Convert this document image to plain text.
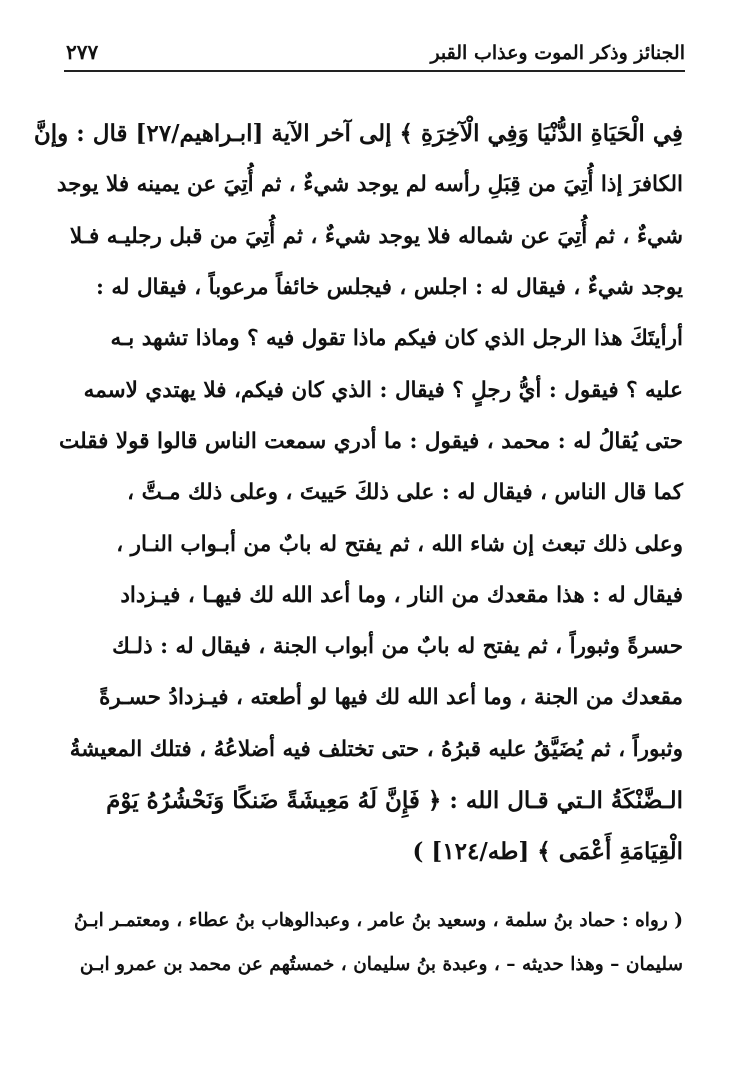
الجنائز وذكر الموت وعذاب القبر
٢٧٧
فِي الْحَيَاةِ الدُّنْيَا وَفِي الْآخِرَةِ ﴾ إلى آخر الآية [ابـراهيم/٢٧] قال : وإنَّ
الكافرَ إذا أُتِيَ من قِبَلِ رأسه لم يوجد شيءٌ ، ثم أُتِيَ عن يمينه فلا يوجد
شيءٌ ، ثم أُتِيَ عن شماله فلا يوجد شيءٌ ، ثم أُتِيَ من قبل رجليـه فـلا
يوجد شيءٌ ، فيقال له : اجلس ، فيجلس خائفاً مرعوباً ، فيقال له :
أرأيتَكَ هذا الرجل الذي كان فيكم ماذا تقول فيه ؟ وماذا تشهد بـه
عليه ؟ فيقول : أيُّ رجلٍ ؟ فيقال : الذي كان فيكم، فلا يهتدي لاسمه
حتى يُقالُ له : محمد ، فيقول : ما أدري سمعت الناس قالوا قولا فقلت
كما قال الناس ، فيقال له : على ذلكَ حَييتَ ، وعلى ذلك مـتَّ ،
وعلى ذلك تبعث إن شاء الله ، ثم يفتح له بابٌ من أبـواب النـار ،
فيقال له : هذا مقعدك من النار ، وما أعد الله لك فيهـا ، فيـزداد
حسرةً وثبوراً ، ثم يفتح له بابٌ من أبواب الجنة ، فيقال له : ذلـك
مقعدك من الجنة ، وما أعد الله لك فيها لو أطعته ، فيـزدادُ حسـرةً
وثبوراً ، ثم يُضَيَّقُ عليه قبرُهُ ، حتى تختلف فيه أضلاعُهُ ، فتلك المعيشةُ
الـضَّنْكَةُ الـتي قـال الله : ﴿ فَإِنَّ لَهُ مَعِيشَةً ضَنكًا وَنَحْشُرُهُ يَوْمَ
الْقِيَامَةِ أَعْمَى ﴾ [طه/١٢٤] )
( رواه : حماد بنُ سلمة ، وسعيد بنُ عامر ، وعبدالوهاب بنُ عطاء ، ومعتمـر ابـنُ
سليمان – وهذا حديثه – ، وعبدة بنُ سليمان ، خمستُهم عن محمد بن عمرو ابـن
